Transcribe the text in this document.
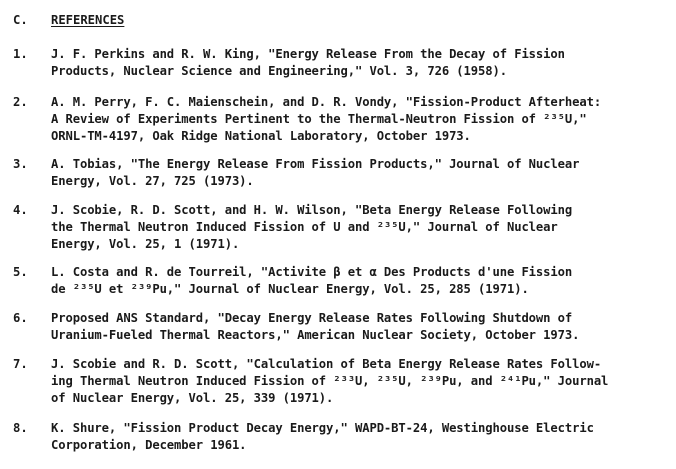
C. REFERENCES
1. J. F. Perkins and R. W. King, "Energy Release From the Decay of Fission
Products, Nuclear Science and Engineering," Vol. 3, 726 (1958).
2. A. M. Perry, F. C. Maienschein, and D. R. Vondy, "Fission-Product Afterheat:
A Review of Experiments Pertinent to the Thermal-Neutron Fission of ²³⁵U,"
ORNL-TM-4197, Oak Ridge National Laboratory, October 1973.
3. A. Tobias, "The Energy Release From Fission Products," Journal of Nuclear
Energy, Vol. 27, 725 (1973).
4. J. Scobie, R. D. Scott, and H. W. Wilson, "Beta Energy Release Following
the Thermal Neutron Induced Fission of U and ²³⁵U," Journal of Nuclear
Energy, Vol. 25, 1 (1971).
5. L. Costa and R. de Tourreil, "Activite β et α Des Products d'une Fission
de ²³⁵U et ²³⁹Pu," Journal of Nuclear Energy, Vol. 25, 285 (1971).
6. Proposed ANS Standard, "Decay Energy Release Rates Following Shutdown of
Uranium-Fueled Thermal Reactors," American Nuclear Society, October 1973.
7. J. Scobie and R. D. Scott, "Calculation of Beta Energy Release Rates Follow-
ing Thermal Neutron Induced Fission of ²³³U, ²³⁵U, ²³⁹Pu, and ²⁴¹Pu," Journal
of Nuclear Energy, Vol. 25, 339 (1971).
8. K. Shure, "Fission Product Decay Energy," WAPD-BT-24, Westinghouse Electric
Corporation, December 1961.
